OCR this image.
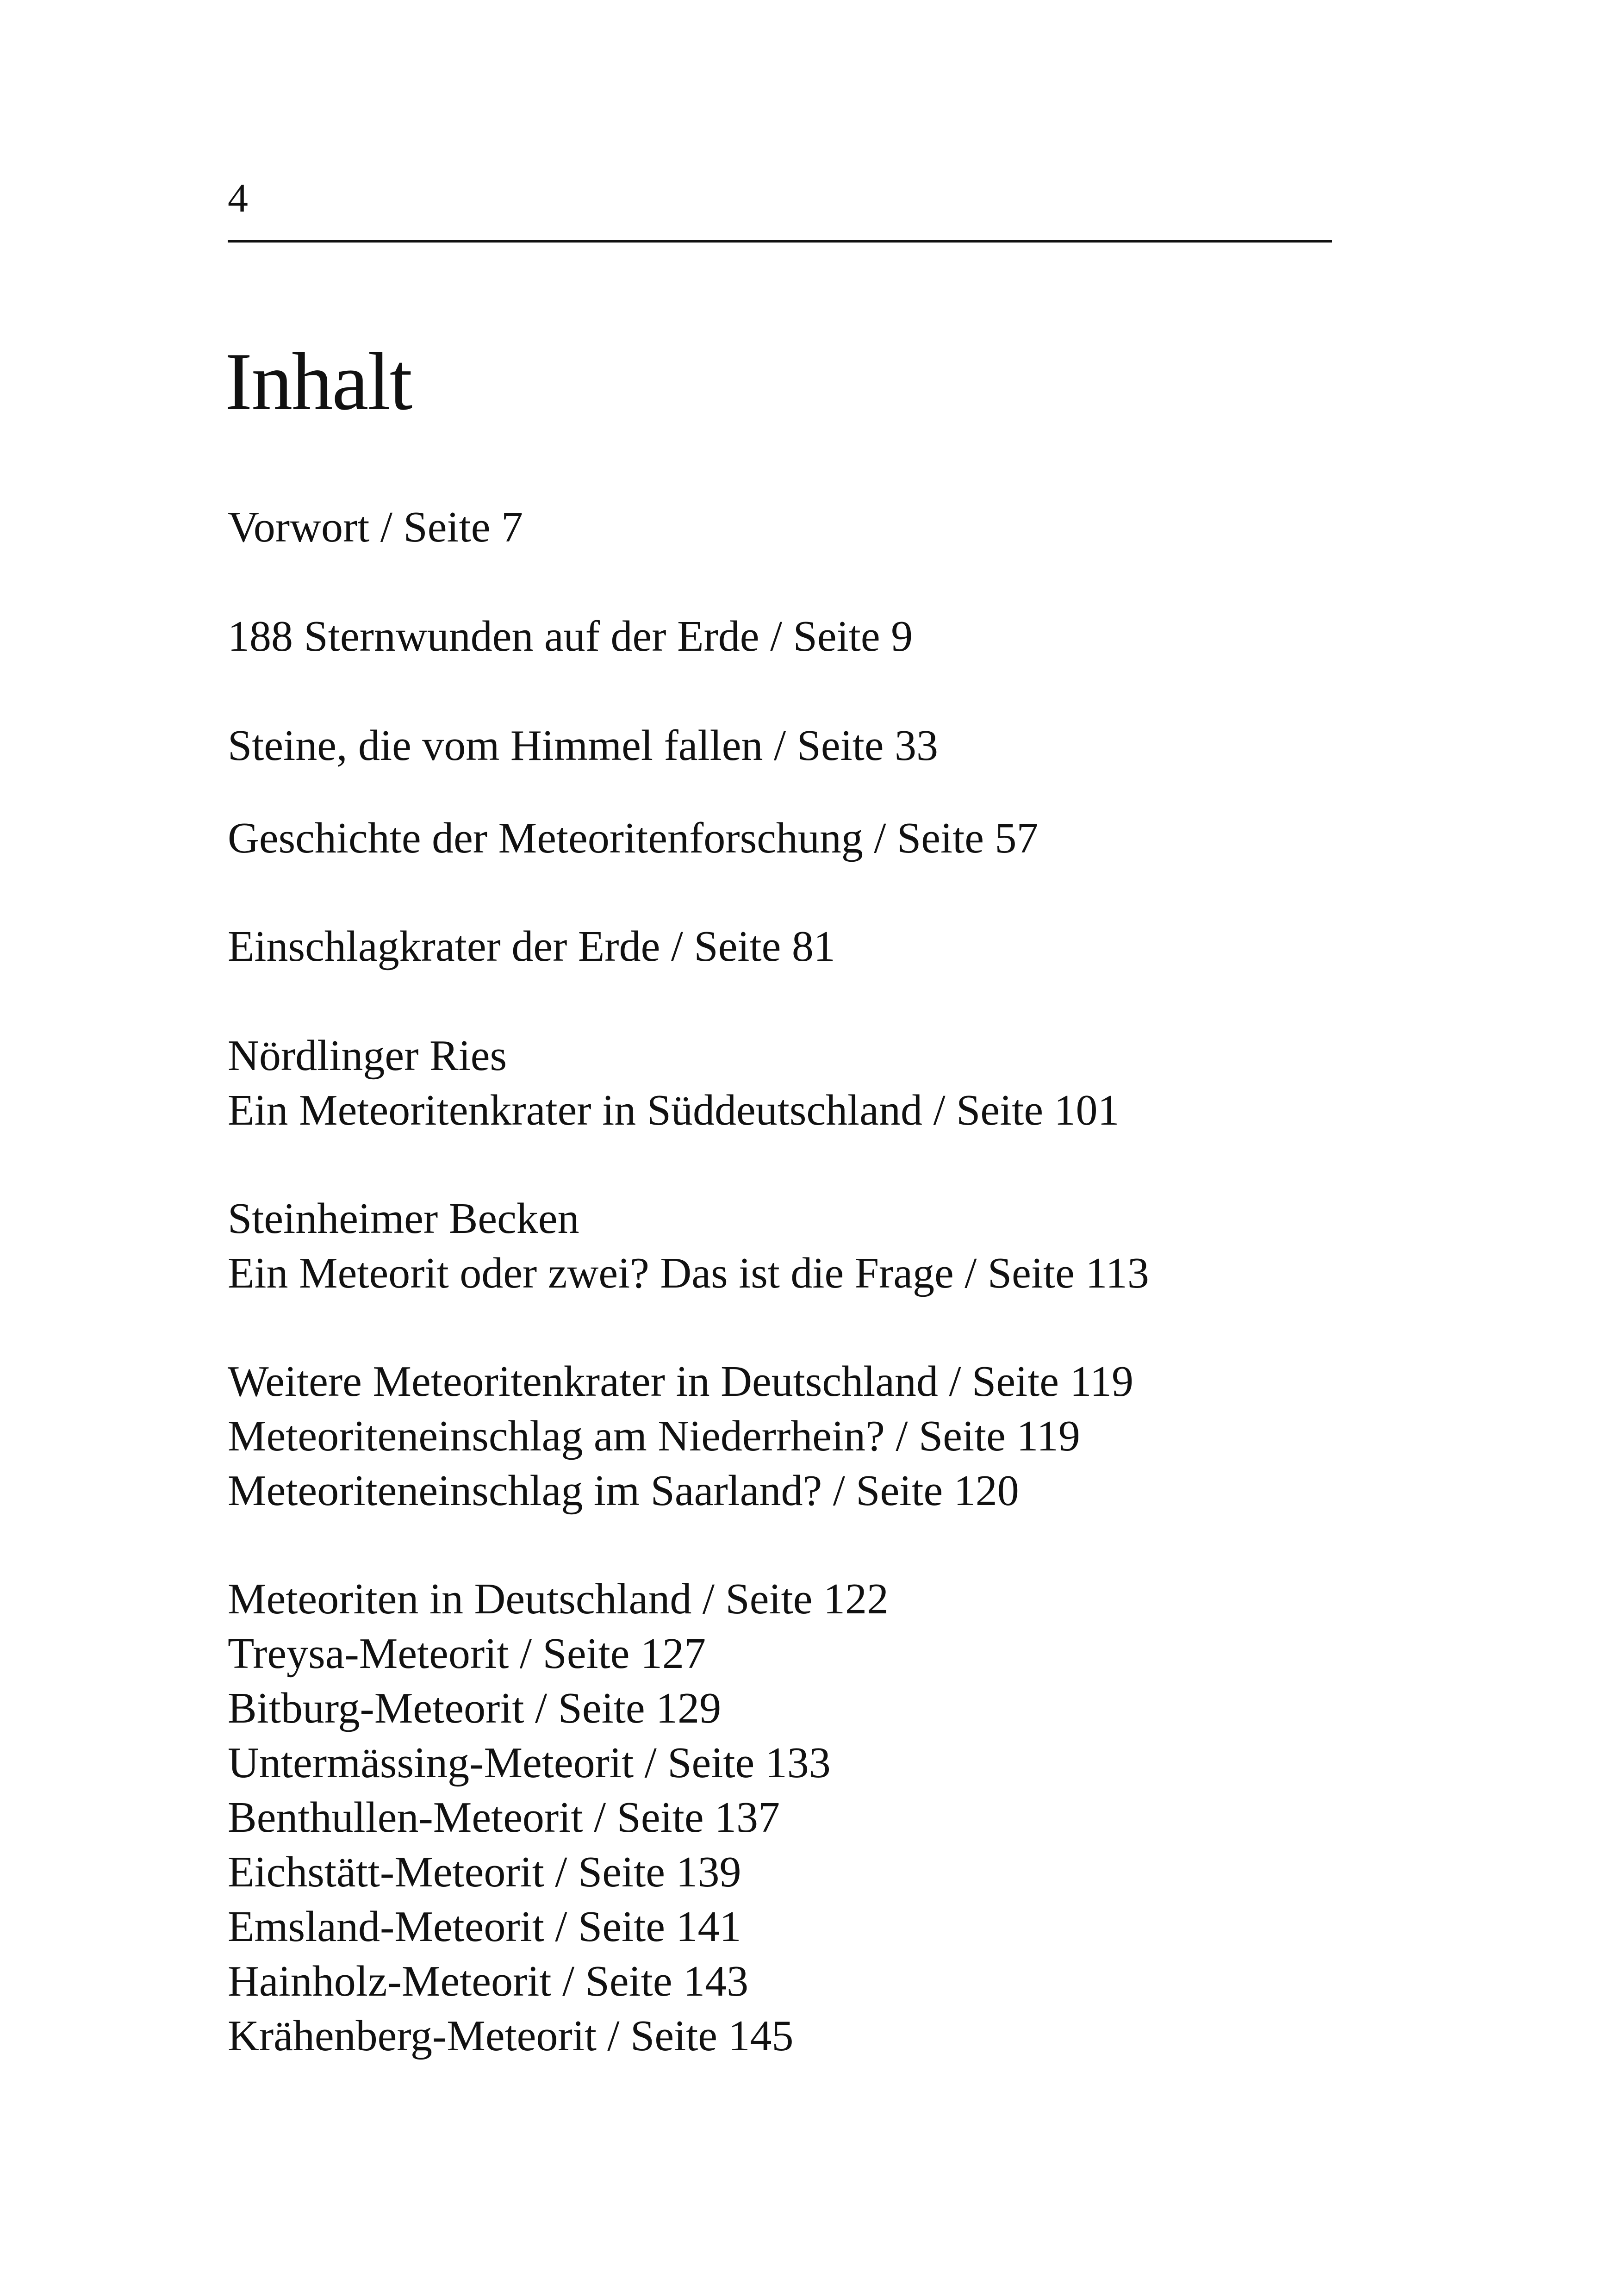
4
Inhalt
Vorwort / Seite 7
188 Sternwunden auf der Erde / Seite 9
Steine, die vom Himmel fallen / Seite 33
Geschichte der Meteoritenforschung / Seite 57
Einschlagkrater der Erde / Seite 81
Nördlinger Ries
Ein Meteoritenkrater in Süddeutschland / Seite 101
Steinheimer Becken
Ein Meteorit oder zwei? Das ist die Frage / Seite 113
Weitere Meteoritenkrater in Deutschland / Seite 119
Meteoriteneinschlag am Niederrhein? / Seite 119
Meteoriteneinschlag im Saarland? / Seite 120
Meteoriten in Deutschland / Seite 122
Treysa-Meteorit / Seite 127
Bitburg-Meteorit / Seite 129
Untermässing-Meteorit / Seite 133
Benthullen-Meteorit / Seite 137
Eichstätt-Meteorit / Seite 139
Emsland-Meteorit / Seite 141
Hainholz-Meteorit / Seite 143
Krähenberg-Meteorit / Seite 145
